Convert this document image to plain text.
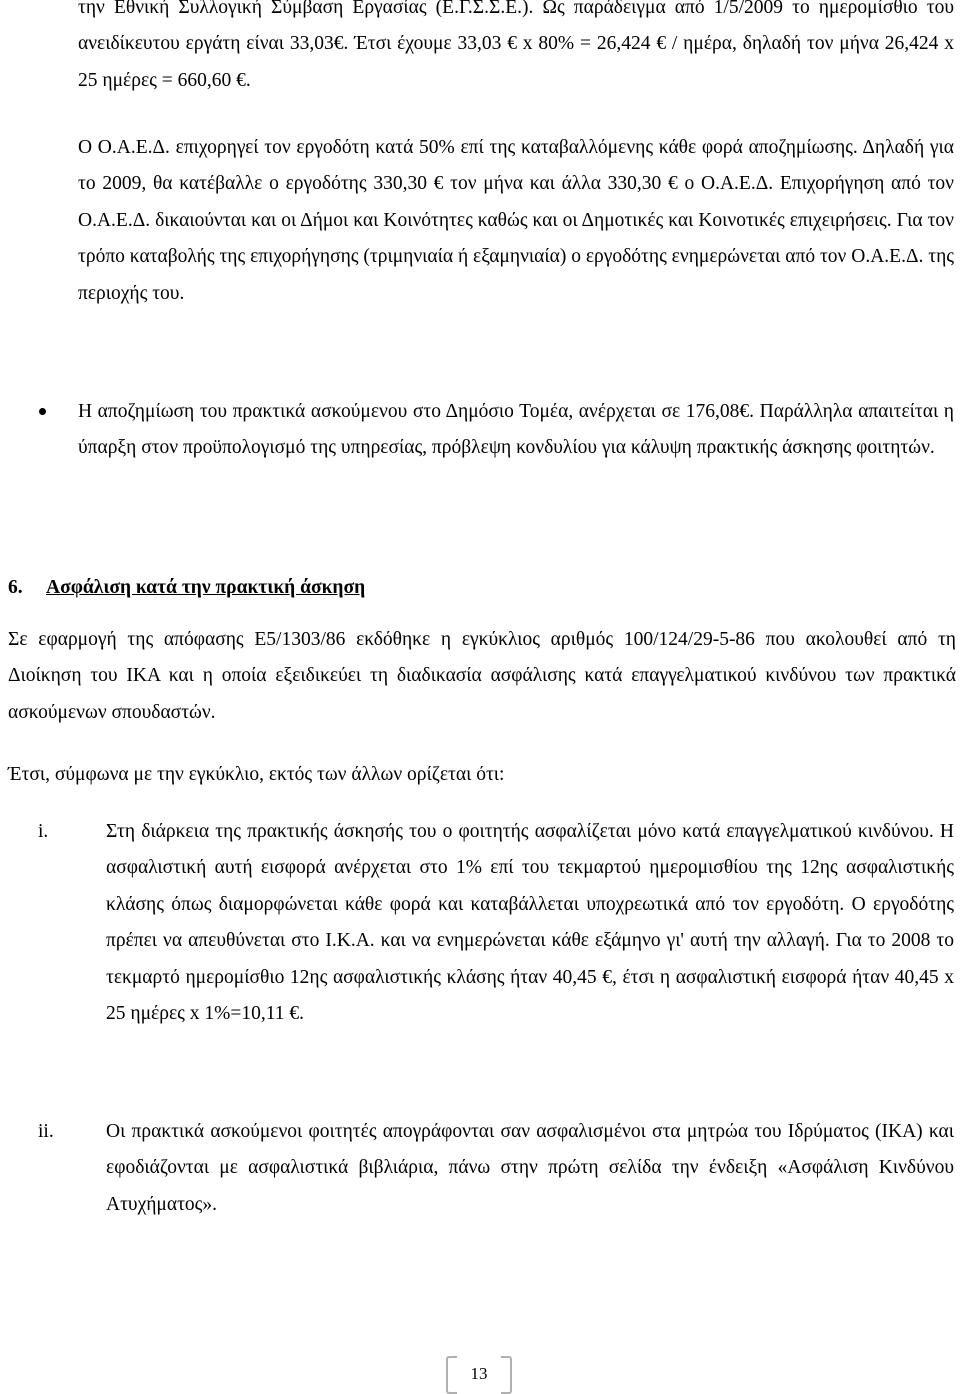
την Εθνική Συλλογική Σύμβαση Εργασίας (Ε.Γ.Σ.Σ.Ε.). Ως παράδειγμα από 1/5/2009 το ημερομίσθιο του ανειδίκευτου εργάτη είναι 33,03€. Έτσι έχουμε 33,03 € x 80% = 26,424 € / ημέρα, δηλαδή τον μήνα 26,424 x 25 ημέρες = 660,60 €.

Ο Ο.Α.Ε.Δ. επιχορηγεί τον εργοδότη κατά 50% επί της καταβαλλόμενης κάθε φορά αποζημίωσης. Δηλαδή για το 2009, θα κατέβαλλε ο εργοδότης 330,30 € τον μήνα και άλλα 330,30 € ο Ο.Α.Ε.Δ. Επιχορήγηση από τον Ο.Α.Ε.Δ. δικαιούνται και οι Δήμοι και Κοινότητες καθώς και οι Δημοτικές και Κοινοτικές επιχειρήσεις. Για τον τρόπο καταβολής της επιχορήγησης (τριμηνιαία ή εξαμηνιαία) ο εργοδότης ενημερώνεται από τον Ο.Α.Ε.Δ. της περιοχής του.

Η αποζημίωση του πρακτικά ασκούμενου στο Δημόσιο Τομέα, ανέρχεται σε 176,08€. Παράλληλα απαιτείται η ύπαρξη στον προϋπολογισμό της υπηρεσίας, πρόβλεψη κονδυλίου για κάλυψη πρακτικής άσκησης φοιτητών.

6. Ασφάλιση κατά την πρακτική άσκηση

Σε εφαρμογή της απόφασης Ε5/1303/86 εκδόθηκε η εγκύκλιος αριθμός 100/124/29-5-86 που ακολουθεί από τη Διοίκηση του ΙΚΑ και η οποία εξειδικεύει τη διαδικασία ασφάλισης κατά επαγγελματικού κινδύνου των πρακτικά ασκούμενων σπουδαστών.

Έτσι, σύμφωνα με την εγκύκλιο, εκτός των άλλων ορίζεται ότι:

i.	Στη διάρκεια της πρακτικής άσκησής του ο φοιτητής ασφαλίζεται μόνο κατά επαγγελματικού κινδύνου. Η ασφαλιστική αυτή εισφορά ανέρχεται στο 1% επί του τεκμαρτού ημερομισθίου της 12ης ασφαλιστικής κλάσης όπως διαμορφώνεται κάθε φορά και καταβάλλεται υποχρεωτικά από τον εργοδότη. Ο εργοδότης πρέπει να απευθύνεται στο Ι.Κ.Α. και να ενημερώνεται κάθε εξάμηνο γι' αυτή την αλλαγή. Για το 2008 το τεκμαρτό ημερομίσθιο 12ης ασφαλιστικής κλάσης ήταν 40,45 €, έτσι η ασφαλιστική εισφορά ήταν 40,45 x 25 ημέρες x 1%=10,11 €.

ii.	Οι πρακτικά ασκούμενοι φοιτητές απογράφονται σαν ασφαλισμένοι στα μητρώα του Ιδρύματος (ΙΚΑ) και εφοδιάζονται με ασφαλιστικά βιβλιάρια, πάνω στην πρώτη σελίδα την ένδειξη «Ασφάλιση Κινδύνου Ατυχήματος».

13
